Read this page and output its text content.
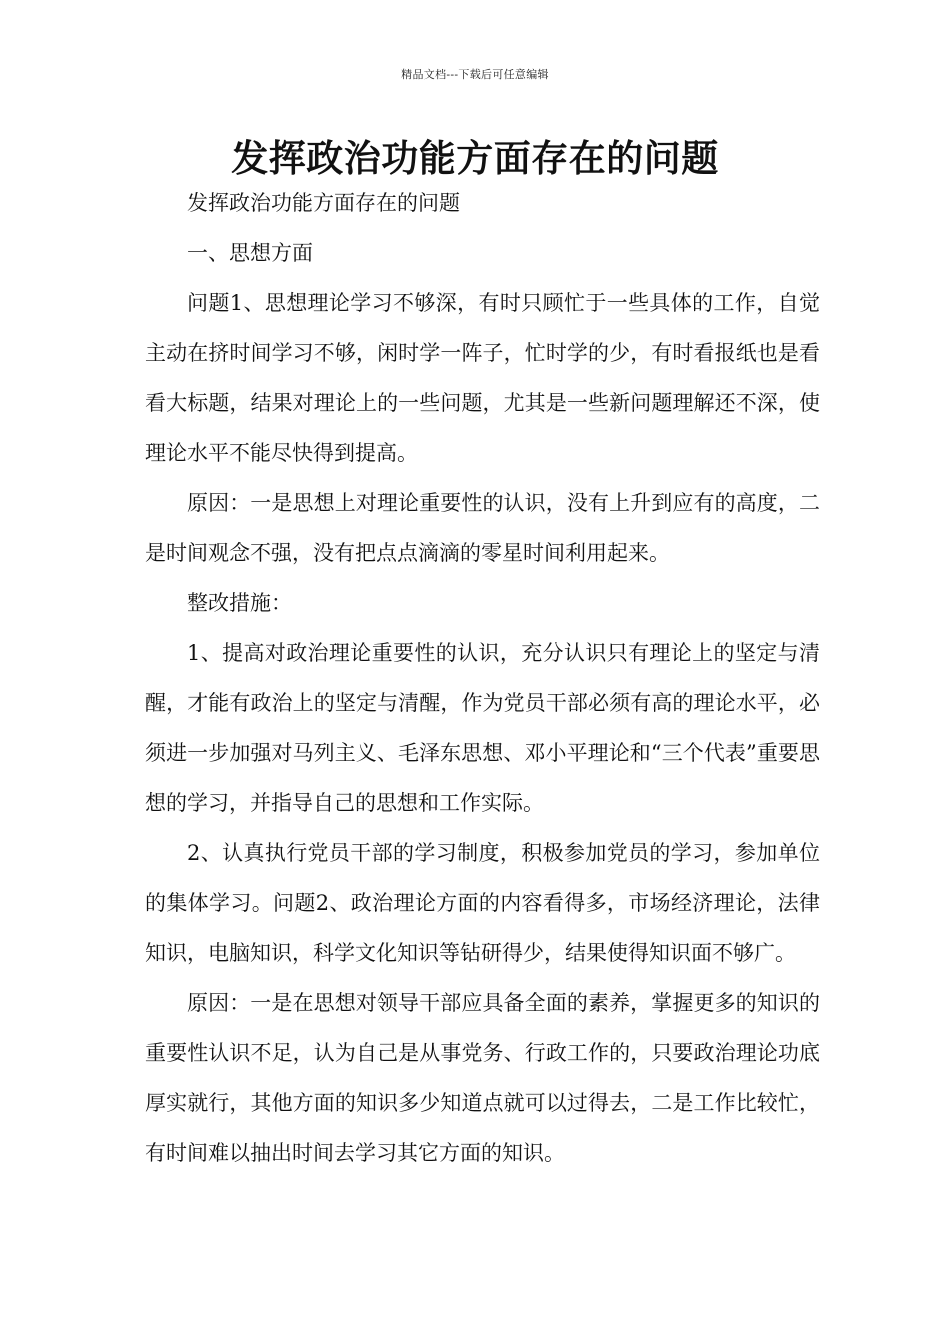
精品文档---下载后可任意编辑
发挥政治功能方面存在的问题

发挥政治功能方面存在的问题

一、思想方面

问题1、思想理论学习不够深，有时只顾忙于一些具体的工作，自觉主动在挤时间学习不够，闲时学一阵子，忙时学的少，有时看报纸也是看看大标题，结果对理论上的一些问题，尤其是一些新问题理解还不深，使理论水平不能尽快得到提高。

原因：一是思想上对理论重要性的认识，没有上升到应有的高度，二是时间观念不强，没有把点点滴滴的零星时间利用起来。

整改措施：

1、提高对政治理论重要性的认识，充分认识只有理论上的坚定与清醒，才能有政治上的坚定与清醒，作为党员干部必须有高的理论水平，必须进一步加强对马列主义、毛泽东思想、邓小平理论和“三个代表”重要思想的学习，并指导自己的思想和工作实际。

2、认真执行党员干部的学习制度，积极参加党员的学习，参加单位的集体学习。问题2、政治理论方面的内容看得多，市场经济理论，法律知识，电脑知识，科学文化知识等钻研得少，结果使得知识面不够广。

原因：一是在思想对领导干部应具备全面的素养，掌握更多的知识的重要性认识不足，认为自己是从事党务、行政工作的，只要政治理论功底厚实就行，其他方面的知识多少知道点就可以过得去，二是工作比较忙，有时间难以抽出时间去学习其它方面的知识。
